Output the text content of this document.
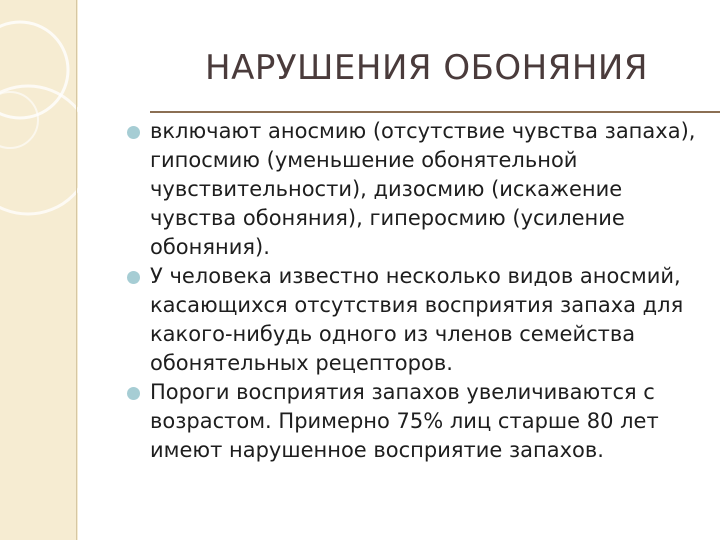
НАРУШЕНИЯ ОБОНЯНИЯ
включают аносмию (отсутствие чувства запаха), гипосмию (уменьшение обонятельной чувствительности), дизосмию (искажение чувства обоняния), гиперосмию (усиление обоняния).
У человека известно несколько видов аносмий, касающихся отсутствия восприятия запаха для какого-нибудь одного из членов семейства обонятельных рецепторов.
Пороги восприятия запахов увеличиваются с возрастом. Примерно 75% лиц старше 80 лет имеют нарушенное восприятие запахов.
